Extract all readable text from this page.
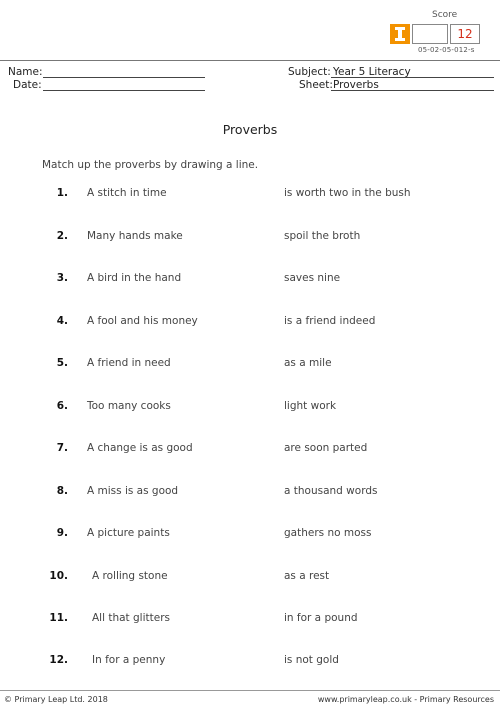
Score
12
05-02-05-012-s
Name:
Date:
Subject: Year 5 Literacy
Sheet: Proverbs
Proverbs
Match up the proverbs by drawing a line.
1. A stitch in time	is worth two in the bush
2. Many hands make	spoil the broth
3. A bird in the hand	saves nine
4. A fool and his money	is a friend indeed
5. A friend in need	as a mile
6. Too many cooks	light work
7. A change is as good	are soon parted
8. A miss is as good	a thousand words
9. A picture paints	gathers no moss
10. A rolling stone	as a rest
11. All that glitters	in for a pound
12. In for a penny	is not gold
© Primary Leap Ltd. 2018	www.primaryleap.co.uk - Primary Resources
